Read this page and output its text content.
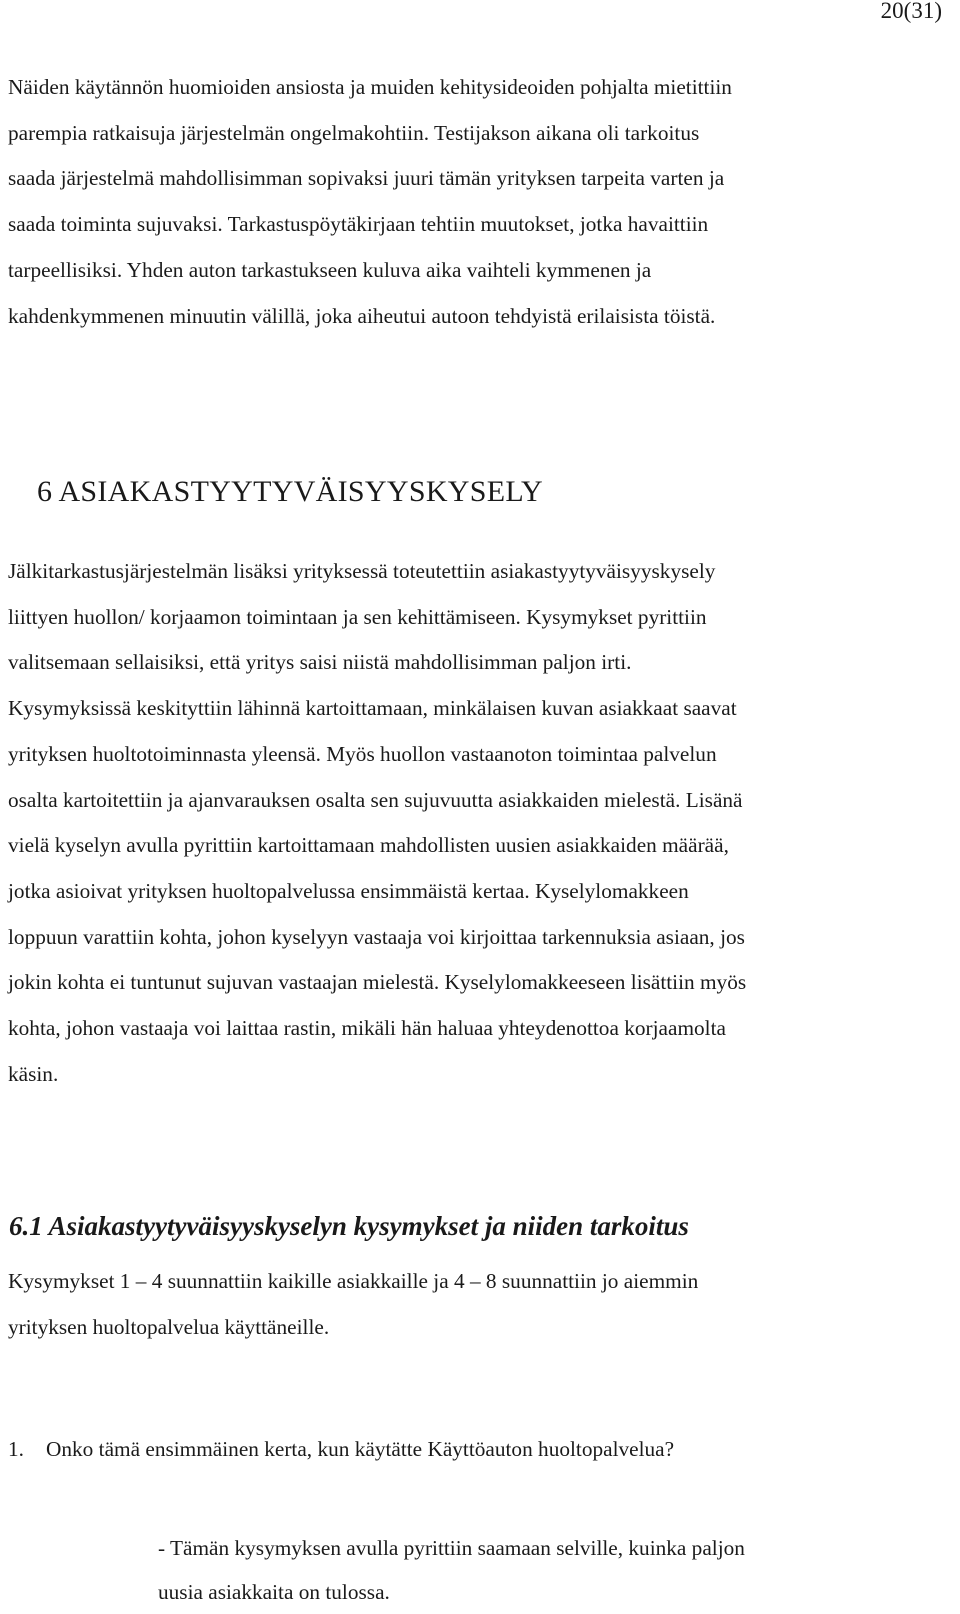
20(31)

Näiden käytännön huomioiden ansiosta ja muiden kehitysideoiden pohjalta mietittiin
parempia ratkaisuja järjestelmän ongelmakohtiin. Testijakson aikana oli tarkoitus
saada järjestelmä mahdollisimman sopivaksi juuri tämän yrityksen tarpeita varten ja
saada toiminta sujuvaksi. Tarkastuspöytäkirjaan tehtiin muutokset, jotka havaittiin
tarpeellisiksi. Yhden auton tarkastukseen kuluva aika vaihteli kymmenen ja
kahdenkymmenen minuutin välillä, joka aiheutui autoon tehdyistä erilaisista töistä.

6 ASIAKASTYYTYVÄISYYSKYSELY

Jälkitarkastusjärjestelmän lisäksi yrityksessä toteutettiin asiakastyytyväisyyskysely
liittyen huollon/ korjaamon toimintaan ja sen kehittämiseen. Kysymykset pyrittiin
valitsemaan sellaisiksi, että yritys saisi niistä mahdollisimman paljon irti.
Kysymyksissä keskityttiin lähinnä kartoittamaan, minkälaisen kuvan asiakkaat saavat
yrityksen huoltotoiminnasta yleensä. Myös huollon vastaanoton toimintaa palvelun
osalta kartoitettiin ja ajanvarauksen osalta sen sujuvuutta asiakkaiden mielestä. Lisänä
vielä kyselyn avulla pyrittiin kartoittamaan mahdollisten uusien asiakkaiden määrää,
jotka asioivat yrityksen huoltopalvelussa ensimmäistä kertaa. Kyselylomakkeen
loppuun varattiin kohta, johon kyselyyn vastaaja voi kirjoittaa tarkennuksia asiaan, jos
jokin kohta ei tuntunut sujuvan vastaajan mielestä. Kyselylomakkeeseen lisättiin myös
kohta, johon vastaaja voi laittaa rastin, mikäli hän haluaa yhteydenottoa korjaamolta
käsin.

6.1 Asiakastyytyväisyyskyselyn kysymykset ja niiden tarkoitus

Kysymykset 1 – 4 suunnattiin kaikille asiakkaille ja 4 – 8 suunnattiin jo aiemmin
yrityksen huoltopalvelua käyttäneille.

1. Onko tämä ensimmäinen kerta, kun käytätte Käyttöauton huoltopalvelua?
- Tämän kysymyksen avulla pyrittiin saamaan selville, kuinka paljon
uusia asiakkaita on tulossa.
